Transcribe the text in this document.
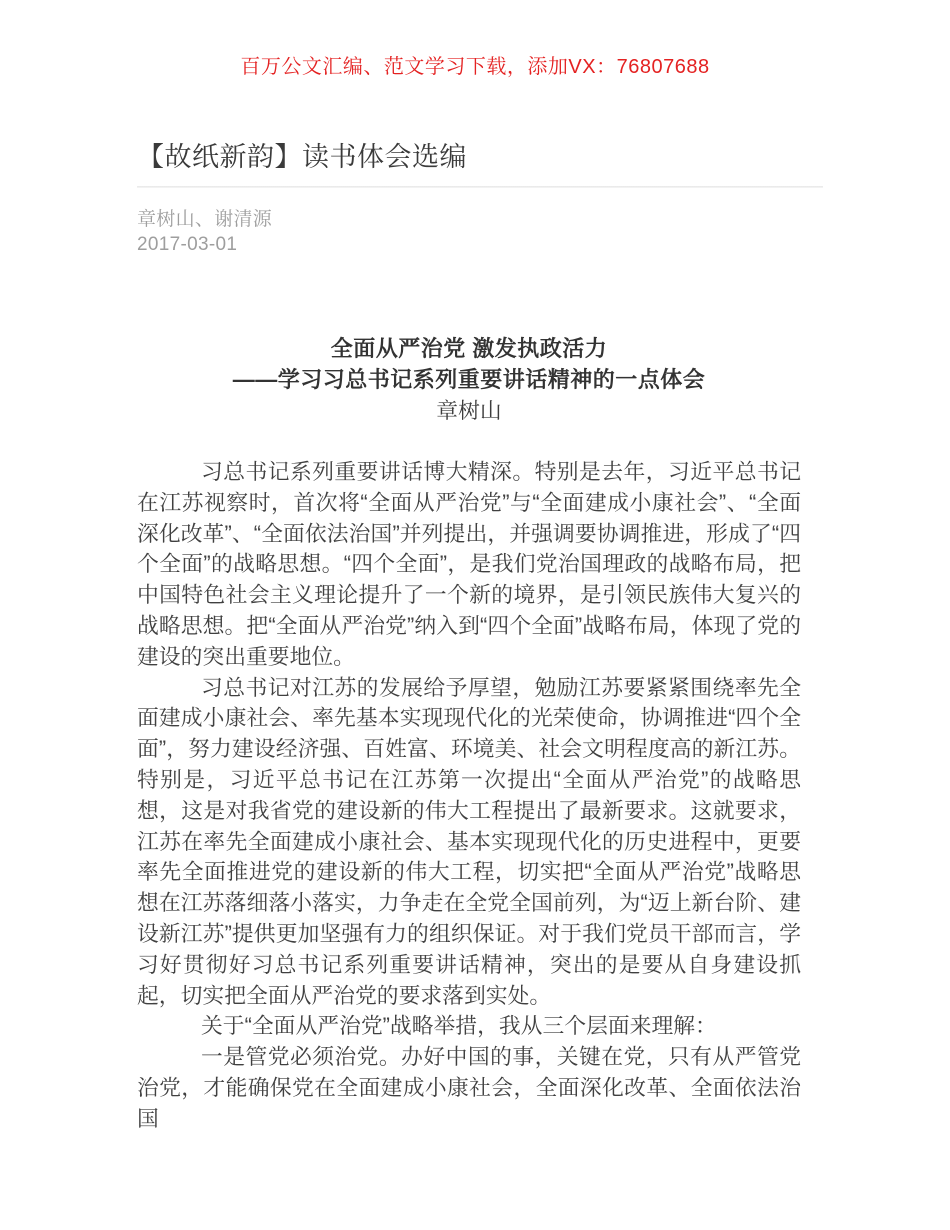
百万公文汇编、范文学习下载，添加VX：76807688
【故纸新韵】读书体会选编
章树山、谢清源
2017-03-01
全面从严治党 激发执政活力
——学习习总书记系列重要讲话精神的一点体会
章树山

习总书记系列重要讲话博大精深。特别是去年，习近平总书记在江苏视察时，首次将“全面从严治党”与“全面建成小康社会”、“全面深化改革”、“全面依法治国”并列提出，并强调要协调推进，形成了“四个全面”的战略思想。“四个全面”，是我们党治国理政的战略布局，把中国特色社会主义理论提升了一个新的境界，是引领民族伟大复兴的战略思想。把“全面从严治党”纳入到“四个全面”战略布局，体现了党的建设的突出重要地位。

习总书记对江苏的发展给予厚望，勉励江苏要紧紧围绕率先全面建成小康社会、率先基本实现现代化的光荣使命，协调推进“四个全面”，努力建设经济强、百姓富、环境美、社会文明程度高的新江苏。特别是，习近平总书记在江苏第一次提出“全面从严治党”的战略思想，这是对我省党的建设新的伟大工程提出了最新要求。这就要求，江苏在率先全面建成小康社会、基本实现现代化的历史进程中，更要率先全面推进党的建设新的伟大工程，切实把“全面从严治党”战略思想在江苏落细落小落实，力争走在全党全国前列，为“迈上新台阶、建设新江苏”提供更加坚强有力的组织保证。对于我们党员干部而言，学习好贯彻好习总书记系列重要讲话精神，突出的是要从自身建设抓起，切实把全面从严治党的要求落到实处。

关于“全面从严治党”战略举措，我从三个层面来理解：

一是管党必须治党。办好中国的事，关键在党，只有从严管党治党，才能确保党在全面建成小康社会，全面深化改革、全面依法治国
